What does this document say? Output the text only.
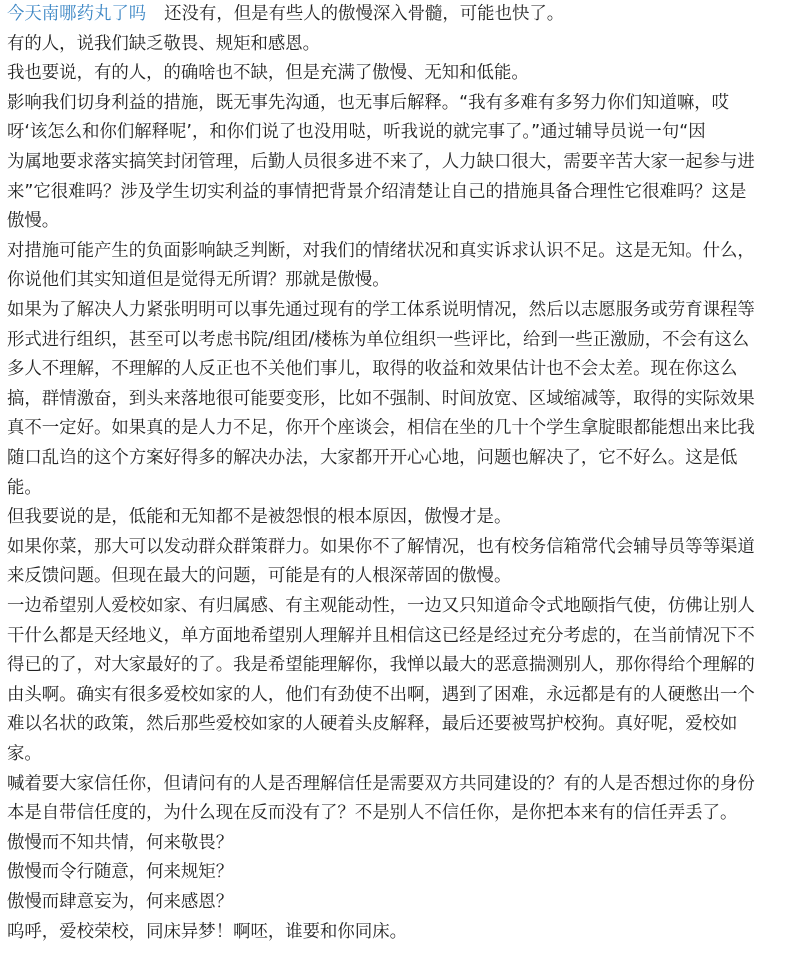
今天南哪药丸了吗 还没有，但是有些人的傲慢深入骨髓，可能也快了。
有的人，说我们缺乏敬畏、规矩和感恩。
我也要说，有的人，的确啥也不缺，但是充满了傲慢、无知和低能。
影响我们切身利益的措施，既无事先沟通，也无事后解释。“我有多难有多努力你们知道嘛，哎
呀‘该怎么和你们解释呢’，和你们说了也没用哒，听我说的就完事了。”通过辅导员说一句“因
为属地要求落实搞笑封闭管理，后勤人员很多进不来了，人力缺口很大，需要辛苦大家一起参与进
来”它很难吗？涉及学生切实利益的事情把背景介绍清楚让自己的措施具备合理性它很难吗？这是
傲慢。
对措施可能产生的负面影响缺乏判断，对我们的情绪状况和真实诉求认识不足。这是无知。什么，
你说他们其实知道但是觉得无所谓？那就是傲慢。
如果为了解决人力紧张明明可以事先通过现有的学工体系说明情况，然后以志愿服务或劳育课程等
形式进行组织，甚至可以考虑书院/组团/楼栋为单位组织一些评比，给到一些正激励，不会有这么
多人不理解，不理解的人反正也不关他们事儿，取得的收益和效果估计也不会太差。现在你这么
搞，群情激奋，到头来落地很可能要变形，比如不强制、时间放宽、区域缩减等，取得的实际效果
真不一定好。如果真的是人力不足，你开个座谈会，相信在坐的几十个学生拿腚眼都能想出来比我
随口乱诌的这个方案好得多的解决办法，大家都开开心心地，问题也解决了，它不好么。这是低
能。
但我要说的是，低能和无知都不是被怨恨的根本原因，傲慢才是。
如果你菜，那大可以发动群众群策群力。如果你不了解情况，也有校务信箱常代会辅导员等等渠道
来反馈问题。但现在最大的问题，可能是有的人根深蒂固的傲慢。
一边希望别人爱校如家、有归属感、有主观能动性，一边又只知道命令式地颐指气使，仿佛让别人
干什么都是天经地义，单方面地希望别人理解并且相信这已经是经过充分考虑的，在当前情况下不
得已的了，对大家最好的了。我是希望能理解你，我惮以最大的恶意揣测别人，那你得给个理解的
由头啊。确实有很多爱校如家的人，他们有劲使不出啊，遇到了困难，永远都是有的人硬憋出一个
难以名状的政策，然后那些爱校如家的人硬着头皮解释，最后还要被骂护校狗。真好呢，爱校如
家。
喊着要大家信任你，但请问有的人是否理解信任是需要双方共同建设的？有的人是否想过你的身份
本是自带信任度的，为什么现在反而没有了？不是别人不信任你，是你把本来有的信任弄丢了。
傲慢而不知共情，何来敬畏？
傲慢而令行随意，何来规矩？
傲慢而肆意妄为，何来感恩？
呜呼，爱校荣校，同床异梦！啊呸，谁要和你同床。
